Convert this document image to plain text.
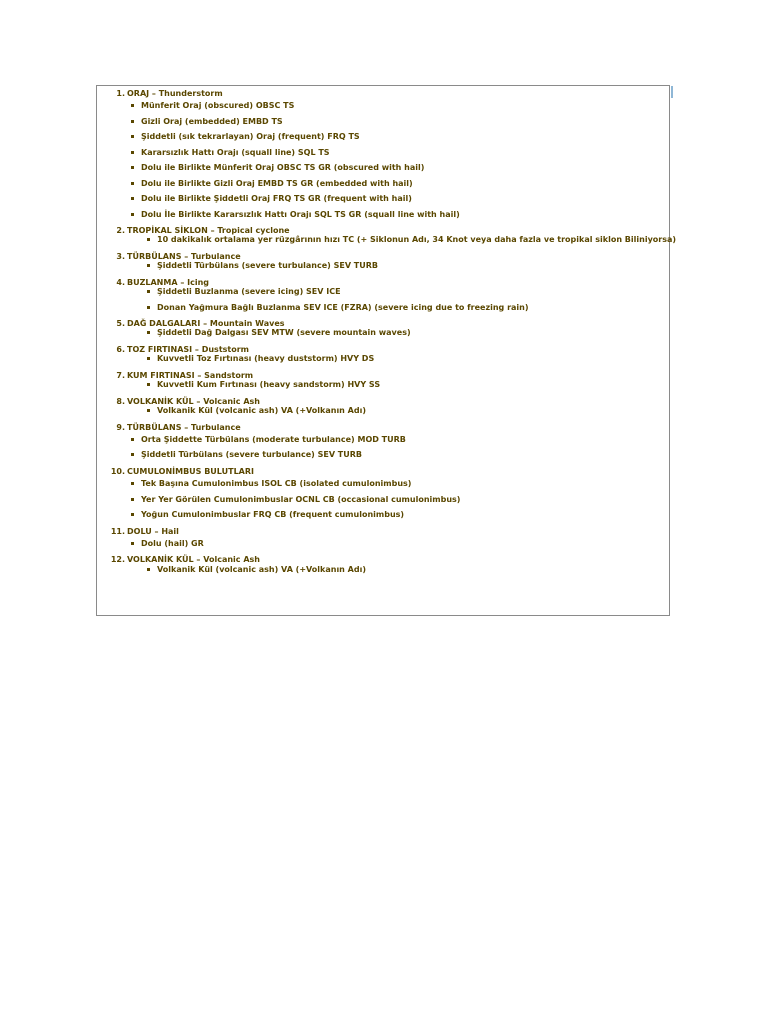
1. ORAJ – Thunderstorm
Münferit Oraj (obscured) OBSC TS
Gizli Oraj (embedded) EMBD TS
Şiddetli (sık tekrarlayan) Oraj (frequent) FRQ TS
Kararsızlık Hattı Orajı (squall line) SQL TS
Dolu ile Birlikte Münferit Oraj OBSC TS GR (obscured with hail)
Dolu ile Birlikte Gizli Oraj EMBD TS GR (embedded with hail)
Dolu ile Birlikte Şiddetli Oraj FRQ TS GR (frequent with hail)
Dolu İle Birlikte Kararsızlık Hattı Orajı SQL TS GR (squall line with hail)
2. TROPİKAL SİKLON – Tropical cyclone
10 dakikalık ortalama yer rüzgârının hızı TC (+ Siklonun Adı, 34 Knot veya daha fazla ve tropikal siklon Biliniyorsa)
3. TÜRBÜLANS – Turbulance
Şiddetli Türbülans (severe turbulance) SEV TURB
4. BUZLANMA – Icing
Şiddetli Buzlanma (severe icing) SEV ICE
Donan Yağmura Bağlı Buzlanma SEV ICE (FZRA) (severe icing due to freezing rain)
5. DAĞ DALGALARI – Mountain Waves
Şiddetli Dağ Dalgası SEV MTW (severe mountain waves)
6. TOZ FIRTINASI – Duststorm
Kuvvetli Toz Fırtınası (heavy duststorm) HVY DS
7. KUM FIRTINASI – Sandstorm
Kuvvetli Kum Fırtınası (heavy sandstorm) HVY SS
8. VOLKANİK KÜL – Volcanic Ash
Volkanik Kül (volcanic ash) VA (+Volkanın Adı)
9. TÜRBÜLANS – Turbulance
Orta Şiddette Türbülans (moderate turbulance) MOD TURB
Şiddetli Türbülans (severe turbulance) SEV TURB
10. CUMULONİMBUS BULUTLARI
Tek Başına Cumulonimbus ISOL CB (isolated cumulonimbus)
Yer Yer Görülen Cumulonimbuslar OCNL CB (occasional cumulonimbus)
Yoğun Cumulonimbuslar FRQ CB (frequent cumulonimbus)
11. DOLU – Hail
Dolu (hail) GR
12. VOLKANİK KÜL – Volcanic Ash
Volkanik Kül (volcanic ash) VA (+Volkanın Adı)
